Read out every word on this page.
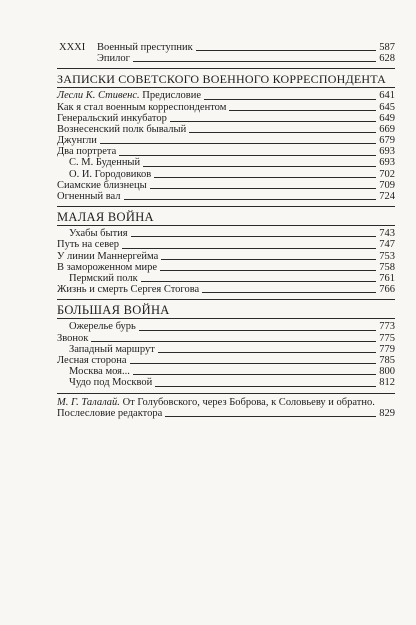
XXXI Военный преступник	587
Эпилог	628
ЗАПИСКИ СОВЕТСКОГО ВОЕННОГО КОРРЕСПОНДЕНТА
Лесли К. Стивенс. Предисловие	641
Как я стал военным корреспондентом	645
Генеральский инкубатор	649
Вознесенский полк бывалый	669
Джунгли	679
Два портрета	693
С. М. Буденный	693
О. И. Городовиков	702
Сиамские близнецы	709
Огненный вал	724
МАЛАЯ ВОЙНА
Ухабы бытия	743
Путь на север	747
У линии Маннергейма	753
В замороженном мире	758
Пермский полк	761
Жизнь и смерть Сергея Стогова	766
БОЛЬШАЯ ВОЙНА
Ожерелье бурь	773
Звонок	775
Западный маршрут	779
Лесная сторона	785
Москва моя...	800
Чудо под Москвой	812
М. Г. Талалай.
От Голубовского, через Боброва, к Соловьеву и обратно.
Послесловие редактора	829
